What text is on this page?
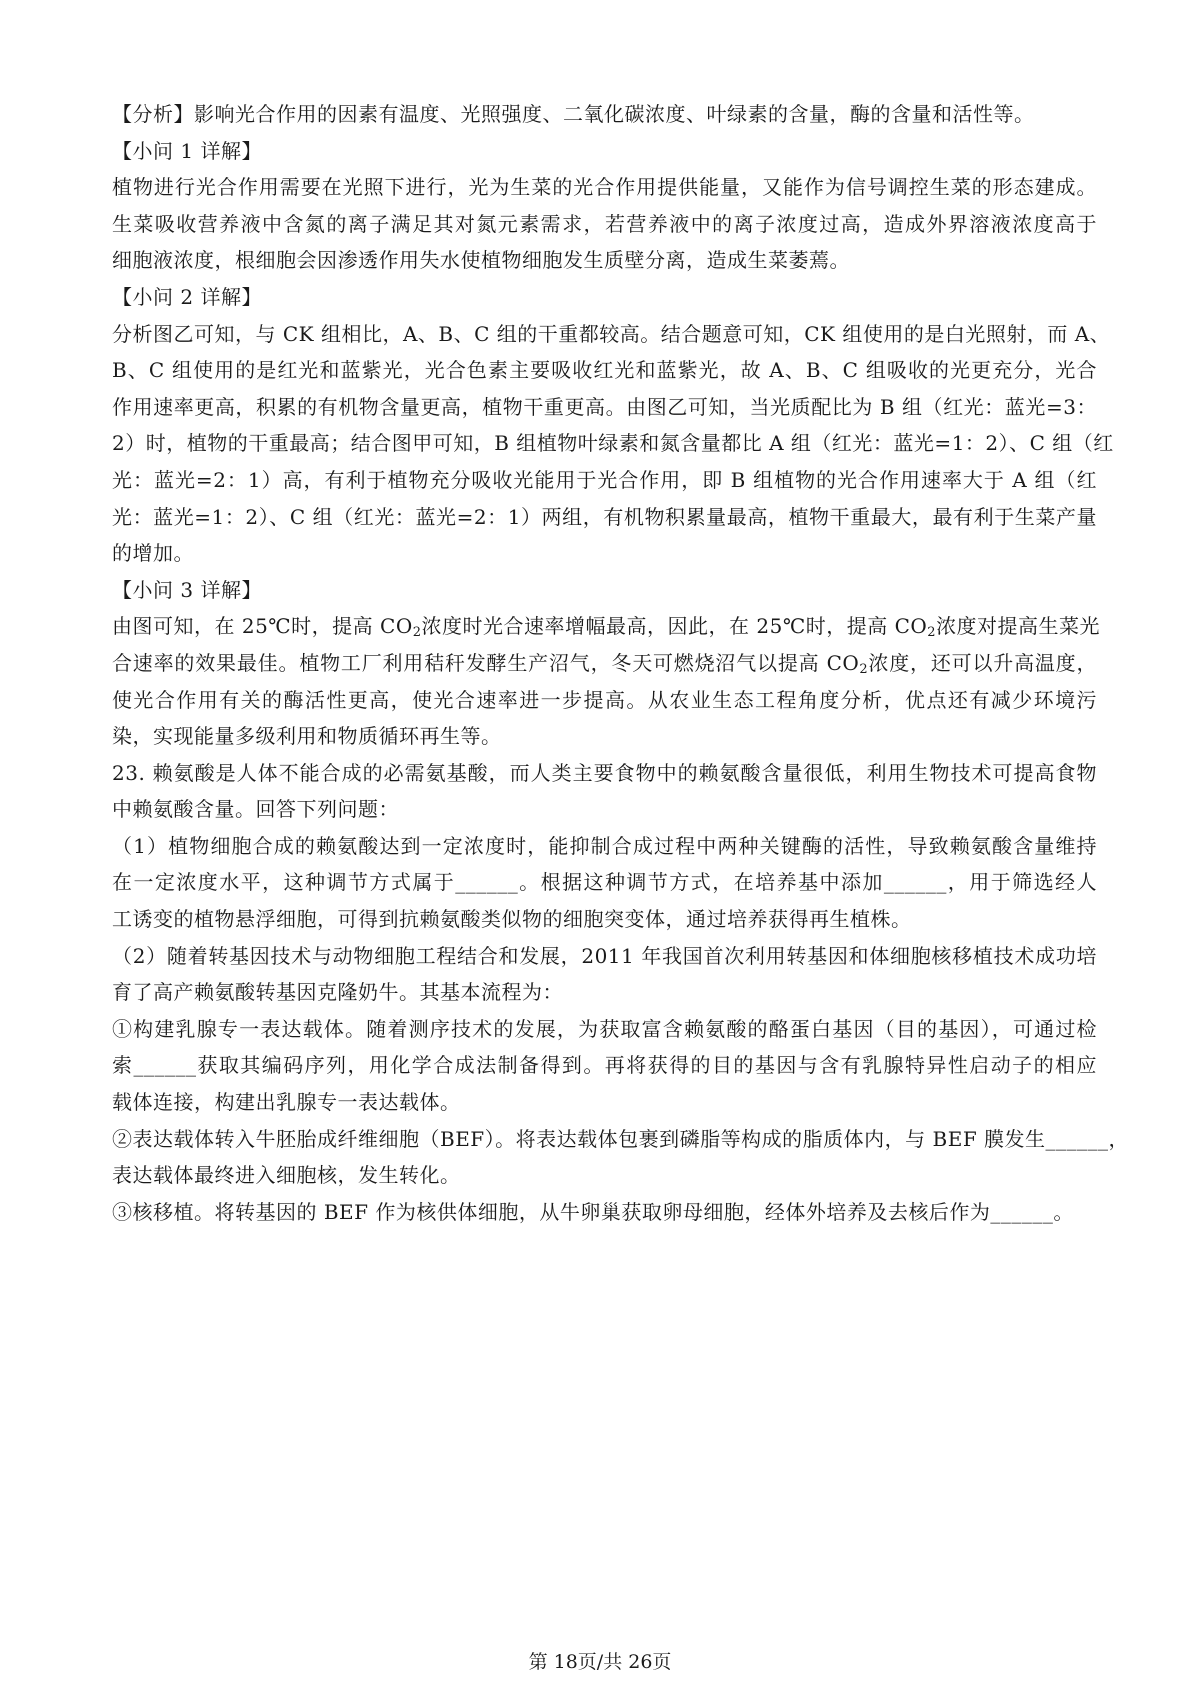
【分析】影响光合作用的因素有温度、光照强度、二氧化碳浓度、叶绿素的含量，酶的含量和活性等。
【小问 1 详解】
植物进行光合作用需要在光照下进行，光为生菜的光合作用提供能量，又能作为信号调控生菜的形态建成。
生菜吸收营养液中含氮的离子满足其对氮元素需求，若营养液中的离子浓度过高，造成外界溶液浓度高于
细胞液浓度，根细胞会因渗透作用失水使植物细胞发生质壁分离，造成生菜萎蔫。
【小问 2 详解】
分析图乙可知，与 CK 组相比，A、B、C 组的干重都较高。结合题意可知，CK 组使用的是白光照射，而 A、
B、C 组使用的是红光和蓝紫光，光合色素主要吸收红光和蓝紫光，故 A、B、C 组吸收的光更充分，光合
作用速率更高，积累的有机物含量更高，植物干重更高。由图乙可知，当光质配比为 B 组（红光：蓝光=3：
2）时，植物的干重最高；结合图甲可知，B 组植物叶绿素和氮含量都比 A 组（红光：蓝光=1：2）、C 组（红
光：蓝光=2：1）高，有利于植物充分吸收光能用于光合作用，即 B 组植物的光合作用速率大于 A 组（红
光：蓝光=1：2）、C 组（红光：蓝光=2：1）两组，有机物积累量最高，植物干重最大，最有利于生菜产量
的增加。
【小问 3 详解】
由图可知，在 25℃时，提高 $CO_2$浓度时光合速率增幅最高，因此，在 25℃时，提高 $CO_2$浓度对提高生菜光
合速率的效果最佳。植物工厂利用秸秆发酵生产沼气，冬天可燃烧沼气以提高 $CO_2$浓度，还可以升高温度，
使光合作用有关的酶活性更高，使光合速率进一步提高。从农业生态工程角度分析，优点还有减少环境污
染，实现能量多级利用和物质循环再生等。
23. 赖氨酸是人体不能合成的必需氨基酸，而人类主要食物中的赖氨酸含量很低，利用生物技术可提高食物
中赖氨酸含量。回答下列问题：
（1）植物细胞合成的赖氨酸达到一定浓度时，能抑制合成过程中两种关键酶的活性，导致赖氨酸含量维持
在一定浓度水平，这种调节方式属于______。根据这种调节方式，在培养基中添加______，用于筛选经人
工诱变的植物悬浮细胞，可得到抗赖氨酸类似物的细胞突变体，通过培养获得再生植株。
（2）随着转基因技术与动物细胞工程结合和发展，2011 年我国首次利用转基因和体细胞核移植技术成功培
育了高产赖氨酸转基因克隆奶牛。其基本流程为：
①构建乳腺专一表达载体。随着测序技术的发展，为获取富含赖氨酸的酪蛋白基因（目的基因），可通过检
索______获取其编码序列，用化学合成法制备得到。再将获得的目的基因与含有乳腺特异性启动子的相应
载体连接，构建出乳腺专一表达载体。
②表达载体转入牛胚胎成纤维细胞（BEF）。将表达载体包裹到磷脂等构成的脂质体内，与 BEF 膜发生______，
表达载体最终进入细胞核，发生转化。
③核移植。将转基因的 BEF 作为核供体细胞，从牛卵巢获取卵母细胞，经体外培养及去核后作为______。
第 18页/共 26页
